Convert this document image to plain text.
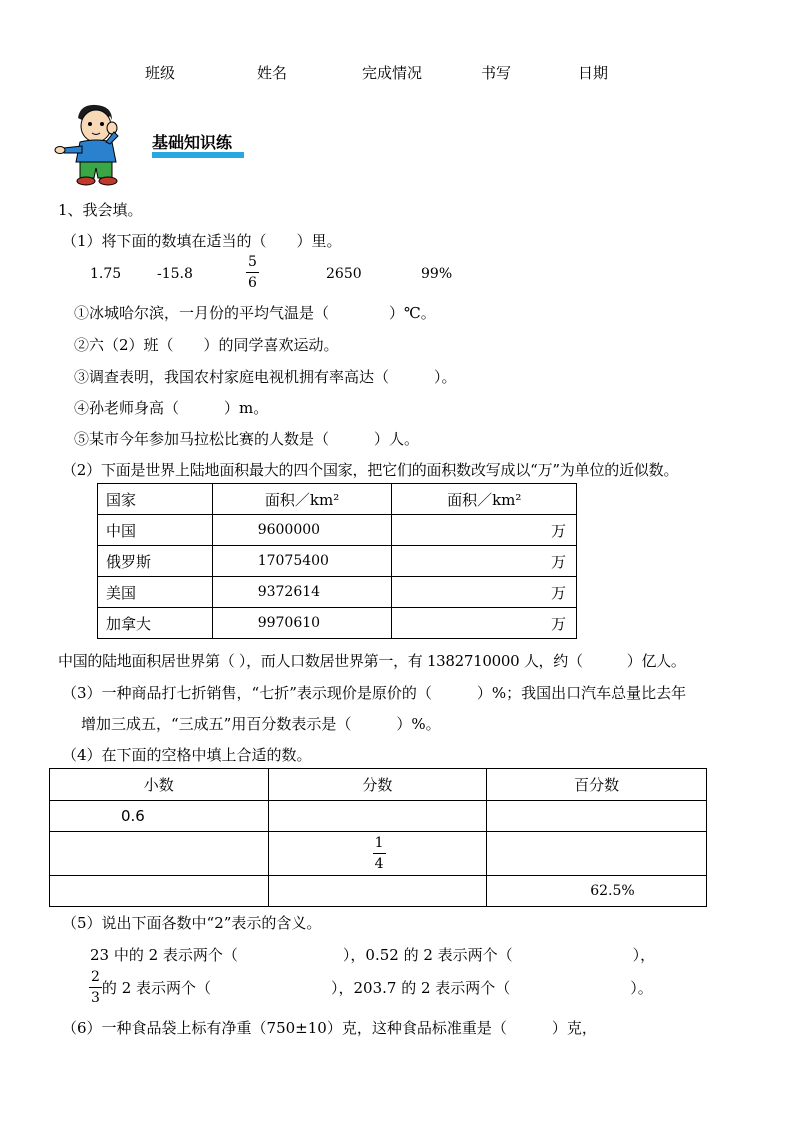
班级	姓名	完成情况	书写	日期
基础知识练
1、我会填。
（1）将下面的数填在适当的（　　）里。
1.75	-15.8	$\frac{5}{6}$	2650	99%
①冰城哈尔滨，一月份的平均气温是（　　　　）℃。
②六（2）班（　　）的同学喜欢运动。
③调查表明，我国农村家庭电视机拥有率高达（　　　）。
④孙老师身高（　　　）m。
⑤某市今年参加马拉松比赛的人数是（　　　）人。
（2）下面是世界上陆地面积最大的四个国家，把它们的面积数改写成以“万”为单位的近似数。
国家	面积／km²	面积／km²
中国	9600000	万
俄罗斯	17075400	万
美国	9372614	万
加拿大	9970610	万
中国的陆地面积居世界第（ ），而人口数居世界第一，有 1382710000 人，约（　　　）亿人。
（3）一种商品打七折销售，“七折”表示现价是原价的（　　　）%；我国出口汽车总量比去年
增加三成五，“三成五”用百分数表示是（　　　）%。
（4）在下面的空格中填上合适的数。
小数	分数	百分数
0.6		

	$\frac{1}{4}$

		62.5%
（5）说出下面各数中“2”表示的含义。
23 中的 2 表示两个（　　　　　　　），0.52 的 2 表示两个（　　　　　　　　），
$\frac{2}{3}$ 的 2 表示两个（　　　　　　　　），203.7 的 2 表示两个（　　　　　　　　）。
（6）一种食品袋上标有净重（750±10）克，这种食品标准重是（　　　）克，
